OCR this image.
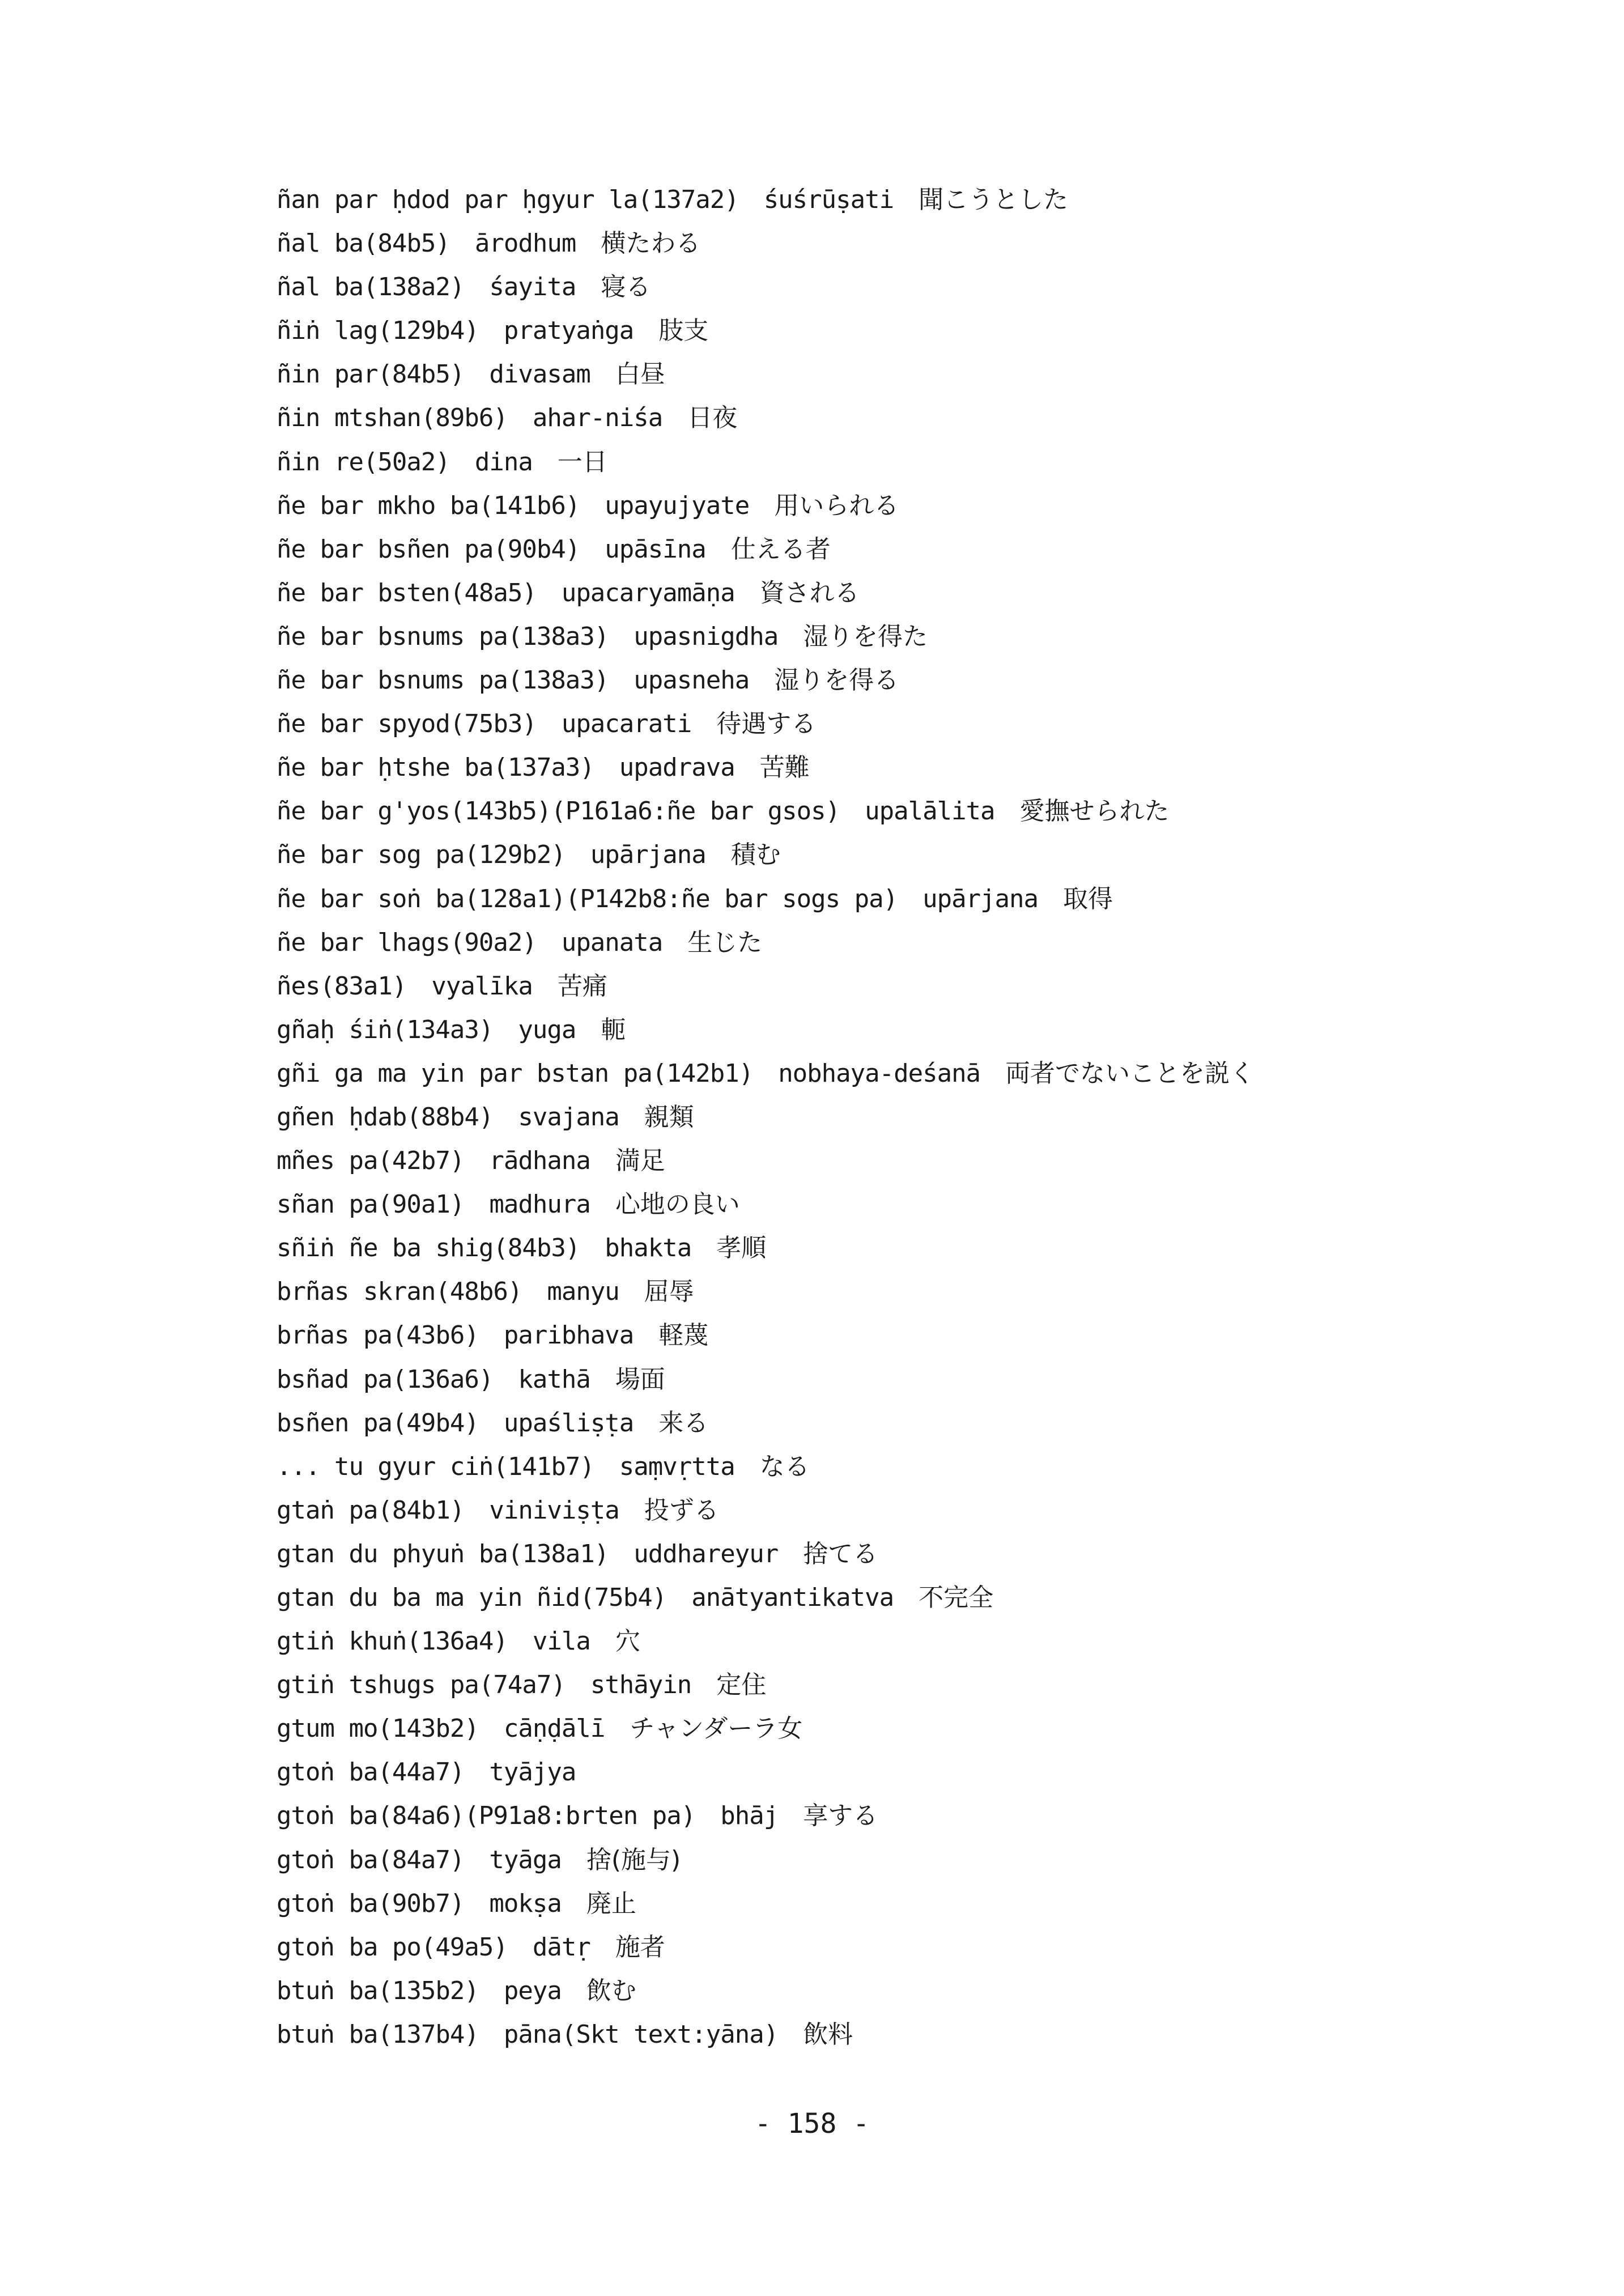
ñan par ḥdod par ḥgyur la(137a2) śuśrūṣati 聞こうとした
ñal ba(84b5) ārodhum 横たわる
ñal ba(138a2) śayita 寝る
ñiṅ lag(129b4) pratyaṅga 肢支
ñin par(84b5) divasam 白昼
ñin mtshan(89b6) ahar-niśa 日夜
ñin re(50a2) dina 一日
ñe bar mkho ba(141b6) upayujyate 用いられる
ñe bar bsñen pa(90b4) upāsīna 仕える者
ñe bar bsten(48a5) upacaryamāṇa 資される
ñe bar bsnums pa(138a3) upasnigdha 湿りを得た
ñe bar bsnums pa(138a3) upasneha 湿りを得る
ñe bar spyod(75b3) upacarati 待遇する
ñe bar ḥtshe ba(137a3) upadrava 苦難
ñe bar g'yos(143b5)(P161a6:ñe bar gsos) upalālita 愛撫せられた
ñe bar sog pa(129b2) upārjana 積む
ñe bar soṅ ba(128a1)(P142b8:ñe bar sogs pa) upārjana 取得
ñe bar lhags(90a2) upanata 生じた
ñes(83a1) vyalīka 苦痛
gñaḥ śiṅ(134a3) yuga 軛
gñi ga ma yin par bstan pa(142b1) nobhaya-deśanā 両者でないことを説く
gñen ḥdab(88b4) svajana 親類
mñes pa(42b7) rādhana 満足
sñan pa(90a1) madhura 心地の良い
sñiṅ ñe ba shig(84b3) bhakta 孝順
brñas skran(48b6) manyu 屈辱
brñas pa(43b6) paribhava 軽蔑
bsñad pa(136a6) kathā 場面
bsñen pa(49b4) upaśliṣṭa 来る
... tu gyur ciṅ(141b7) saṃvṛtta なる
gtaṅ pa(84b1) viniviṣṭa 投ずる
gtan du phyuṅ ba(138a1) uddhareyur 捨てる
gtan du ba ma yin ñid(75b4) anātyantikatva 不完全
gtiṅ khuṅ(136a4) vila 穴
gtiṅ tshugs pa(74a7) sthāyin 定住
gtum mo(143b2) cāṇḍālī チャンダーラ女
gtoṅ ba(44a7) tyājya
gtoṅ ba(84a6)(P91a8:brten pa) bhāj 享する
gtoṅ ba(84a7) tyāga 捨(施与)
gtoṅ ba(90b7) mokṣa 廃止
gtoṅ ba po(49a5) dātṛ 施者
btuṅ ba(135b2) peya 飲む
btuṅ ba(137b4) pāna(Skt text:yāna) 飲料
- 158 -
